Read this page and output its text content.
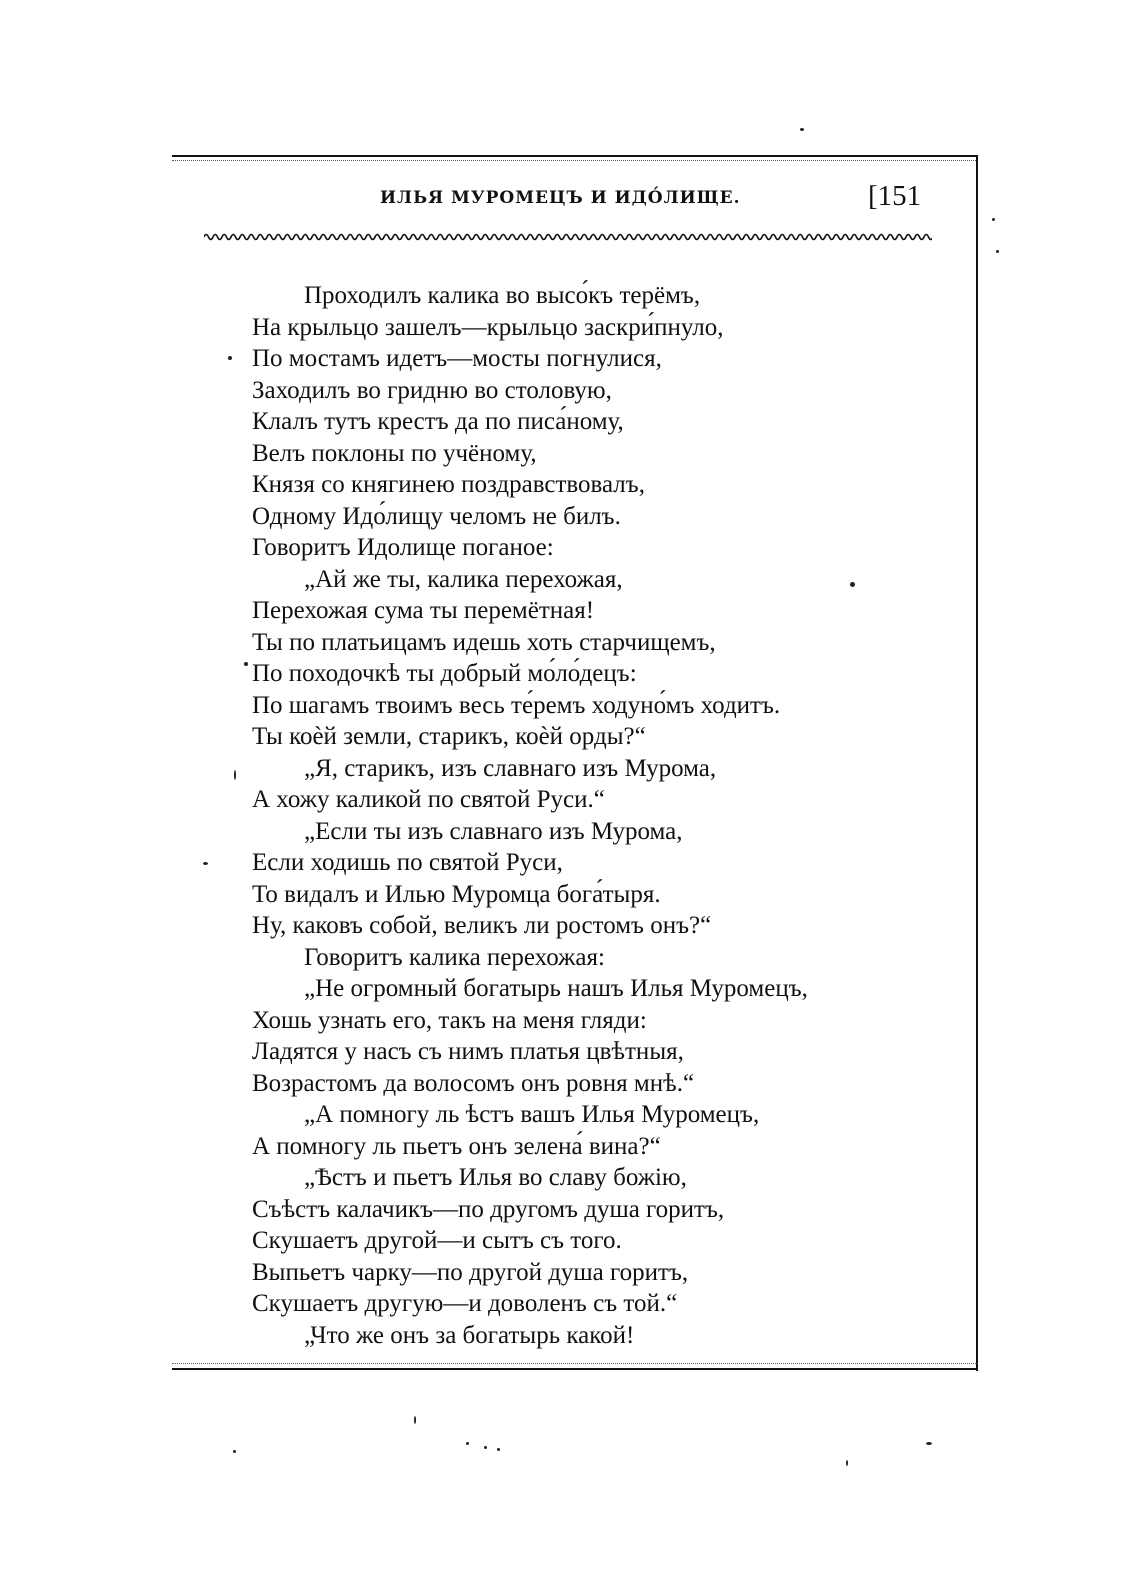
ИЛЬЯ МУРОМЕЦЪ И ИДО́ЛИЩЕ.	[151
Проходилъ калика во высо́къ терёмъ,
На крыльцо зашелъ—крыльцо заскри́пнуло,
По мостамъ идетъ—мосты погнулися,
Заходилъ во гридню во столовую,
Клалъ тутъ крестъ да по писа́ному,
Велъ поклоны по учёному,
Князя со княгинею поздравствовалъ,
Одному Идо́лищу челомъ не билъ.
Говоритъ Идолище поганое:
„Ай же ты, калика перехожая,
Перехожая сума ты перемётная!
Ты по платьицамъ идешь хоть старчищемъ,
По походочкѣ ты добрый мо́ло́децъ:
По шагамъ твоимъ весь те́ремъ ходуно́мъ ходитъ.
Ты коѐй земли, старикъ, коѐй орды?“
„Я, старикъ, изъ славнаго изъ Мурома,
А хожу каликой по святой Руси.“
„Если ты изъ славнаго изъ Мурома,
Если ходишь по святой Руси,
То видалъ и Илью Муромца бога́тыря.
Ну, каковъ собой, великъ ли ростомъ онъ?“
Говоритъ калика перехожая:
„Не огромный богатырь нашъ Илья Муромецъ,
Хошь узнать его, такъ на меня гляди:
Ладятся у насъ съ нимъ платья цвѣтныя,
Возрастомъ да волосомъ онъ ровня мнѣ.“
„А помногу ль ѣстъ вашъ Илья Муромецъ,
А помногу ль пьетъ онъ зелена́ вина?“
„Ѣстъ и пьетъ Илья во славу божію,
Съѣстъ калачикъ—по другомъ душа горитъ,
Скушаетъ другой—и сытъ съ того.
Выпьетъ чарку—по другой душа горитъ,
Скушаетъ другую—и доволенъ съ той.“
„Что же онъ за богатырь какой!
